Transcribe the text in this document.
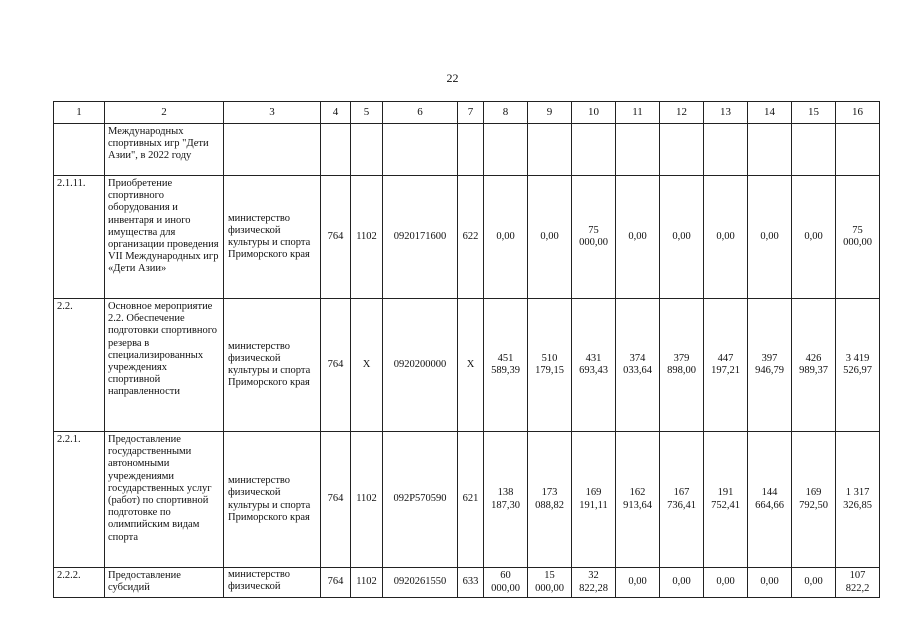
22
1	2	3	4	5	6	7	8	9	10	11	12	13	14	15	16
	Международных спортивных игр "Дети Азии", в 2022 году														
2.1.11.	Приобретение спортивного оборудования и инвентаря и иного имущества для организации проведения VII Международных игр «Дети Азии»	министерство физической культуры и спорта Приморского края	764	1102	0920171600	622	0,00	0,00	75 000,00	0,00	0,00	0,00	0,00	0,00	75 000,00
2.2.	Основное мероприятие 2.2. Обеспечение подготовки спортивного резерва в специализированных учреждениях спортивной направленности	министерство физической культуры и спорта Приморского края	764	X	0920200000	X	451 589,39	510 179,15	431 693,43	374 033,64	379 898,00	447 197,21	397 946,79	426 989,37	3 419 526,97
2.2.1.	Предоставление государственными автономными учреждениями государственных услуг (работ) по спортивной подготовке по олимпийским видам спорта	министерство физической культуры и спорта Приморского края	764	1102	092P570590	621	138 187,30	173 088,82	169 191,11	162 913,64	167 736,41	191 752,41	144 664,66	169 792,50	1 317 326,85
2.2.2.	Предоставление субсидий	министерство физической	764	1102	0920261550	633	60 000,00	15 000,00	32 822,28	0,00	0,00	0,00	0,00	0,00	107 822,2
